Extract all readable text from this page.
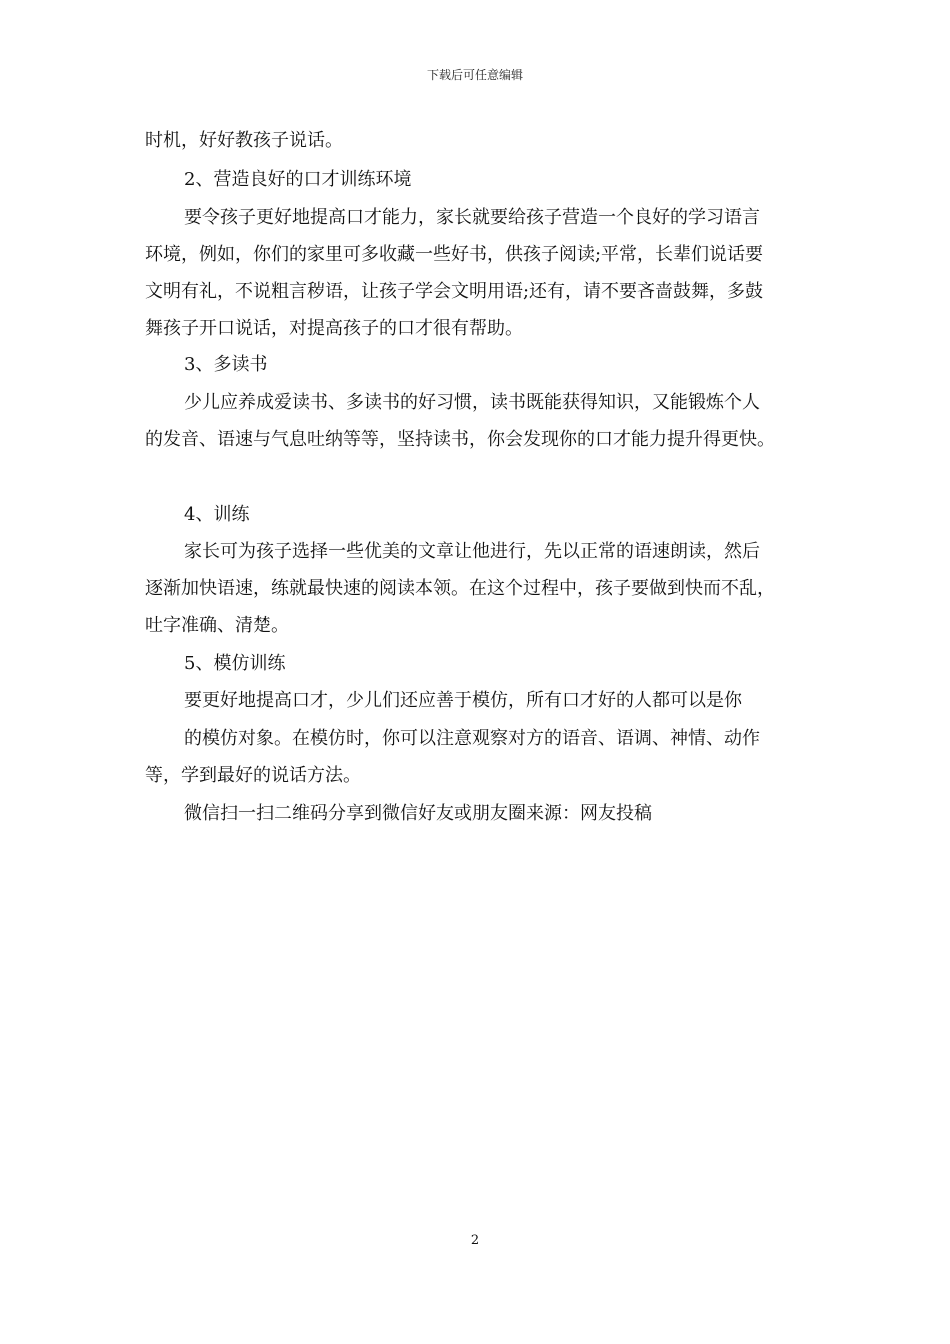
下载后可任意编辑
时机，好好教孩子说话。
2、营造良好的口才训练环境
要令孩子更好地提高口才能力，家长就要给孩子营造一个良好的学习语言
环境，例如，你们的家里可多收藏一些好书，供孩子阅读;平常，长辈们说话要
文明有礼，不说粗言秽语，让孩子学会文明用语;还有，请不要吝啬鼓舞，多鼓
舞孩子开口说话，对提高孩子的口才很有帮助。
3、多读书
少儿应养成爱读书、多读书的好习惯，读书既能获得知识，又能锻炼个人
的发音、语速与气息吐纳等等，坚持读书，你会发现你的口才能力提升得更快。
4、训练
家长可为孩子选择一些优美的文章让他进行，先以正常的语速朗读，然后
逐渐加快语速，练就最快速的阅读本领。在这个过程中，孩子要做到快而不乱，
吐字准确、清楚。
5、模仿训练
要更好地提高口才，少儿们还应善于模仿，所有口才好的人都可以是你
的模仿对象。在模仿时，你可以注意观察对方的语音、语调、神情、动作
等，学到最好的说话方法。
微信扫一扫二维码分享到微信好友或朋友圈来源：网友投稿
2
